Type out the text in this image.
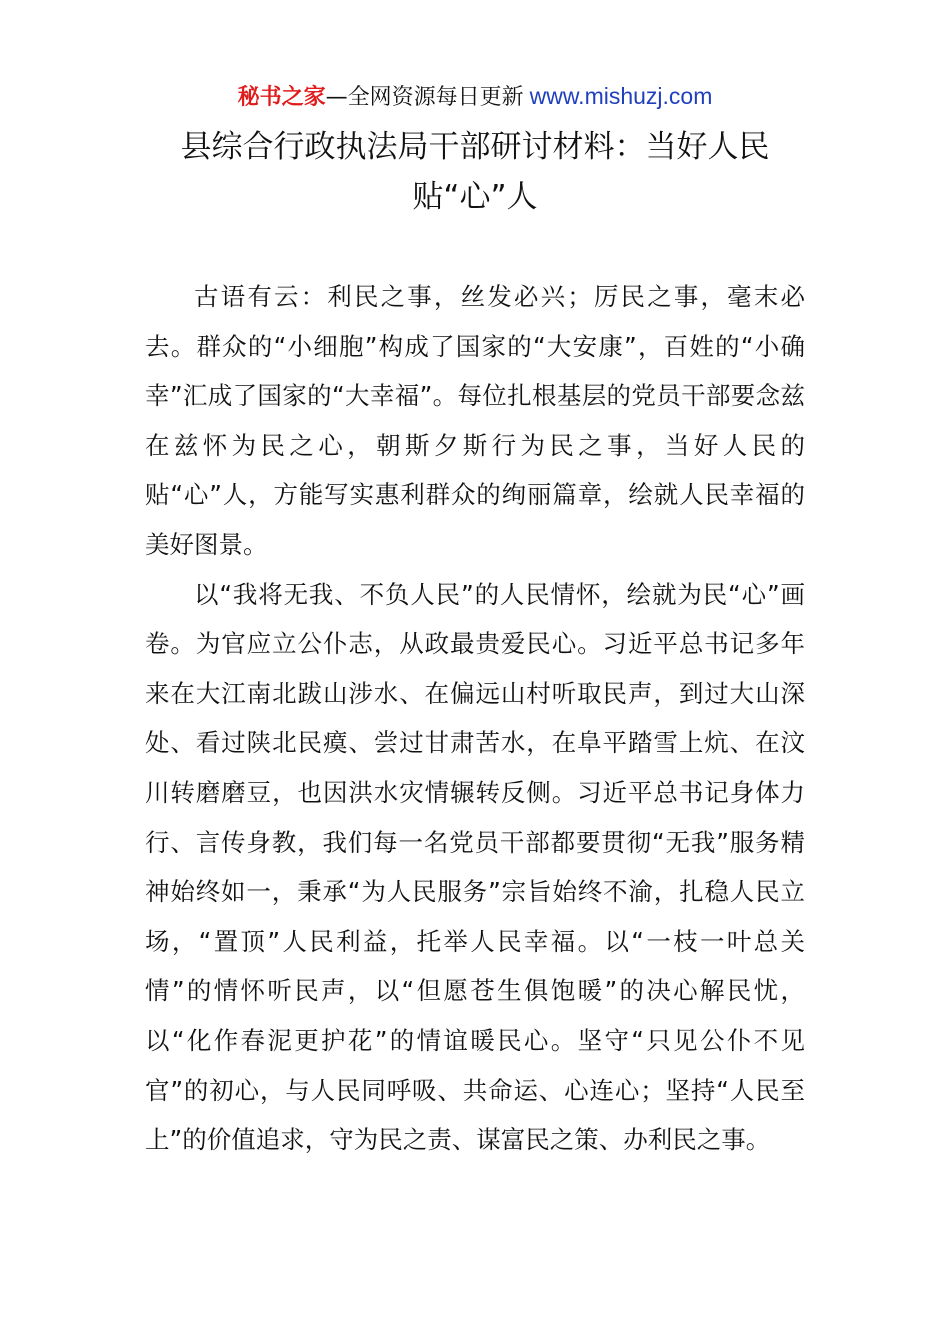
秘书之家—全网资源每日更新 www.mishuzj.com
县综合行政执法局干部研讨材料：当好人民贴“心”人

古语有云：利民之事，丝发必兴；厉民之事，毫末必去。群众的“小细胞”构成了国家的“大安康”，百姓的“小确幸”汇成了国家的“大幸福”。每位扎根基层的党员干部要念兹在兹怀为民之心，朝斯夕斯行为民之事，当好人民的贴“心”人，方能写实惠利群众的绚丽篇章，绘就人民幸福的美好图景。

以“我将无我、不负人民”的人民情怀，绘就为民“心”画卷。为官应立公仆志，从政最贵爱民心。习近平总书记多年来在大江南北跋山涉水、在偏远山村听取民声，到过大山深处、看过陕北民瘼、尝过甘肃苦水，在阜平踏雪上炕、在汶川转磨磨豆，也因洪水灾情辗转反侧。习近平总书记身体力行、言传身教，我们每一名党员干部都要贯彻“无我”服务精神始终如一，秉承“为人民服务”宗旨始终不渝，扎稳人民立场，“置顶”人民利益，托举人民幸福。以“一枝一叶总关情”的情怀听民声，以“但愿苍生俱饱暖”的决心解民忧，以“化作春泥更护花”的情谊暖民心。坚守“只见公仆不见官”的初心，与人民同呼吸、共命运、心连心；坚持“人民至上”的价值追求，守为民之责、谋富民之策、办利民之事。
